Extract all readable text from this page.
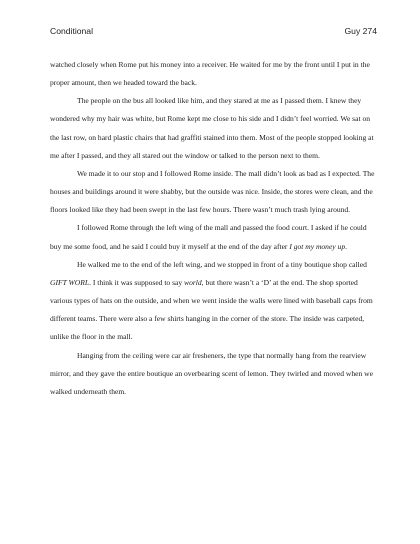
Conditional	Guy 274

watched closely when Rome put his money into a receiver. He waited for me by the front until I put in the proper amount, then we headed toward the back.

The people on the bus all looked like him, and they stared at me as I passed them. I knew they wondered why my hair was white, but Rome kept me close to his side and I didn’t feel worried. We sat on the last row, on hard plastic chairs that had graffiti stained into them. Most of the people stopped looking at me after I passed, and they all stared out the window or talked to the person next to them.

We made it to our stop and I followed Rome inside. The mall didn’t look as bad as I expected. The houses and buildings around it were shabby, but the outside was nice. Inside, the stores were clean, and the floors looked like they had been swept in the last few hours. There wasn’t much trash lying around.

I followed Rome through the left wing of the mall and passed the food court. I asked if he could buy me some food, and he said I could buy it myself at the end of the day after I got my money up.

He walked me to the end of the left wing, and we stopped in front of a tiny boutique shop called GIFT WORL. I think it was supposed to say world, but there wasn’t a ‘D’ at the end. The shop sported various types of hats on the outside, and when we went inside the walls were lined with baseball caps from different teams. There were also a few shirts hanging in the corner of the store. The inside was carpeted, unlike the floor in the mall.

Hanging from the ceiling were car air fresheners, the type that normally hang from the rearview mirror, and they gave the entire boutique an overbearing scent of lemon. They twirled and moved when we walked underneath them.
